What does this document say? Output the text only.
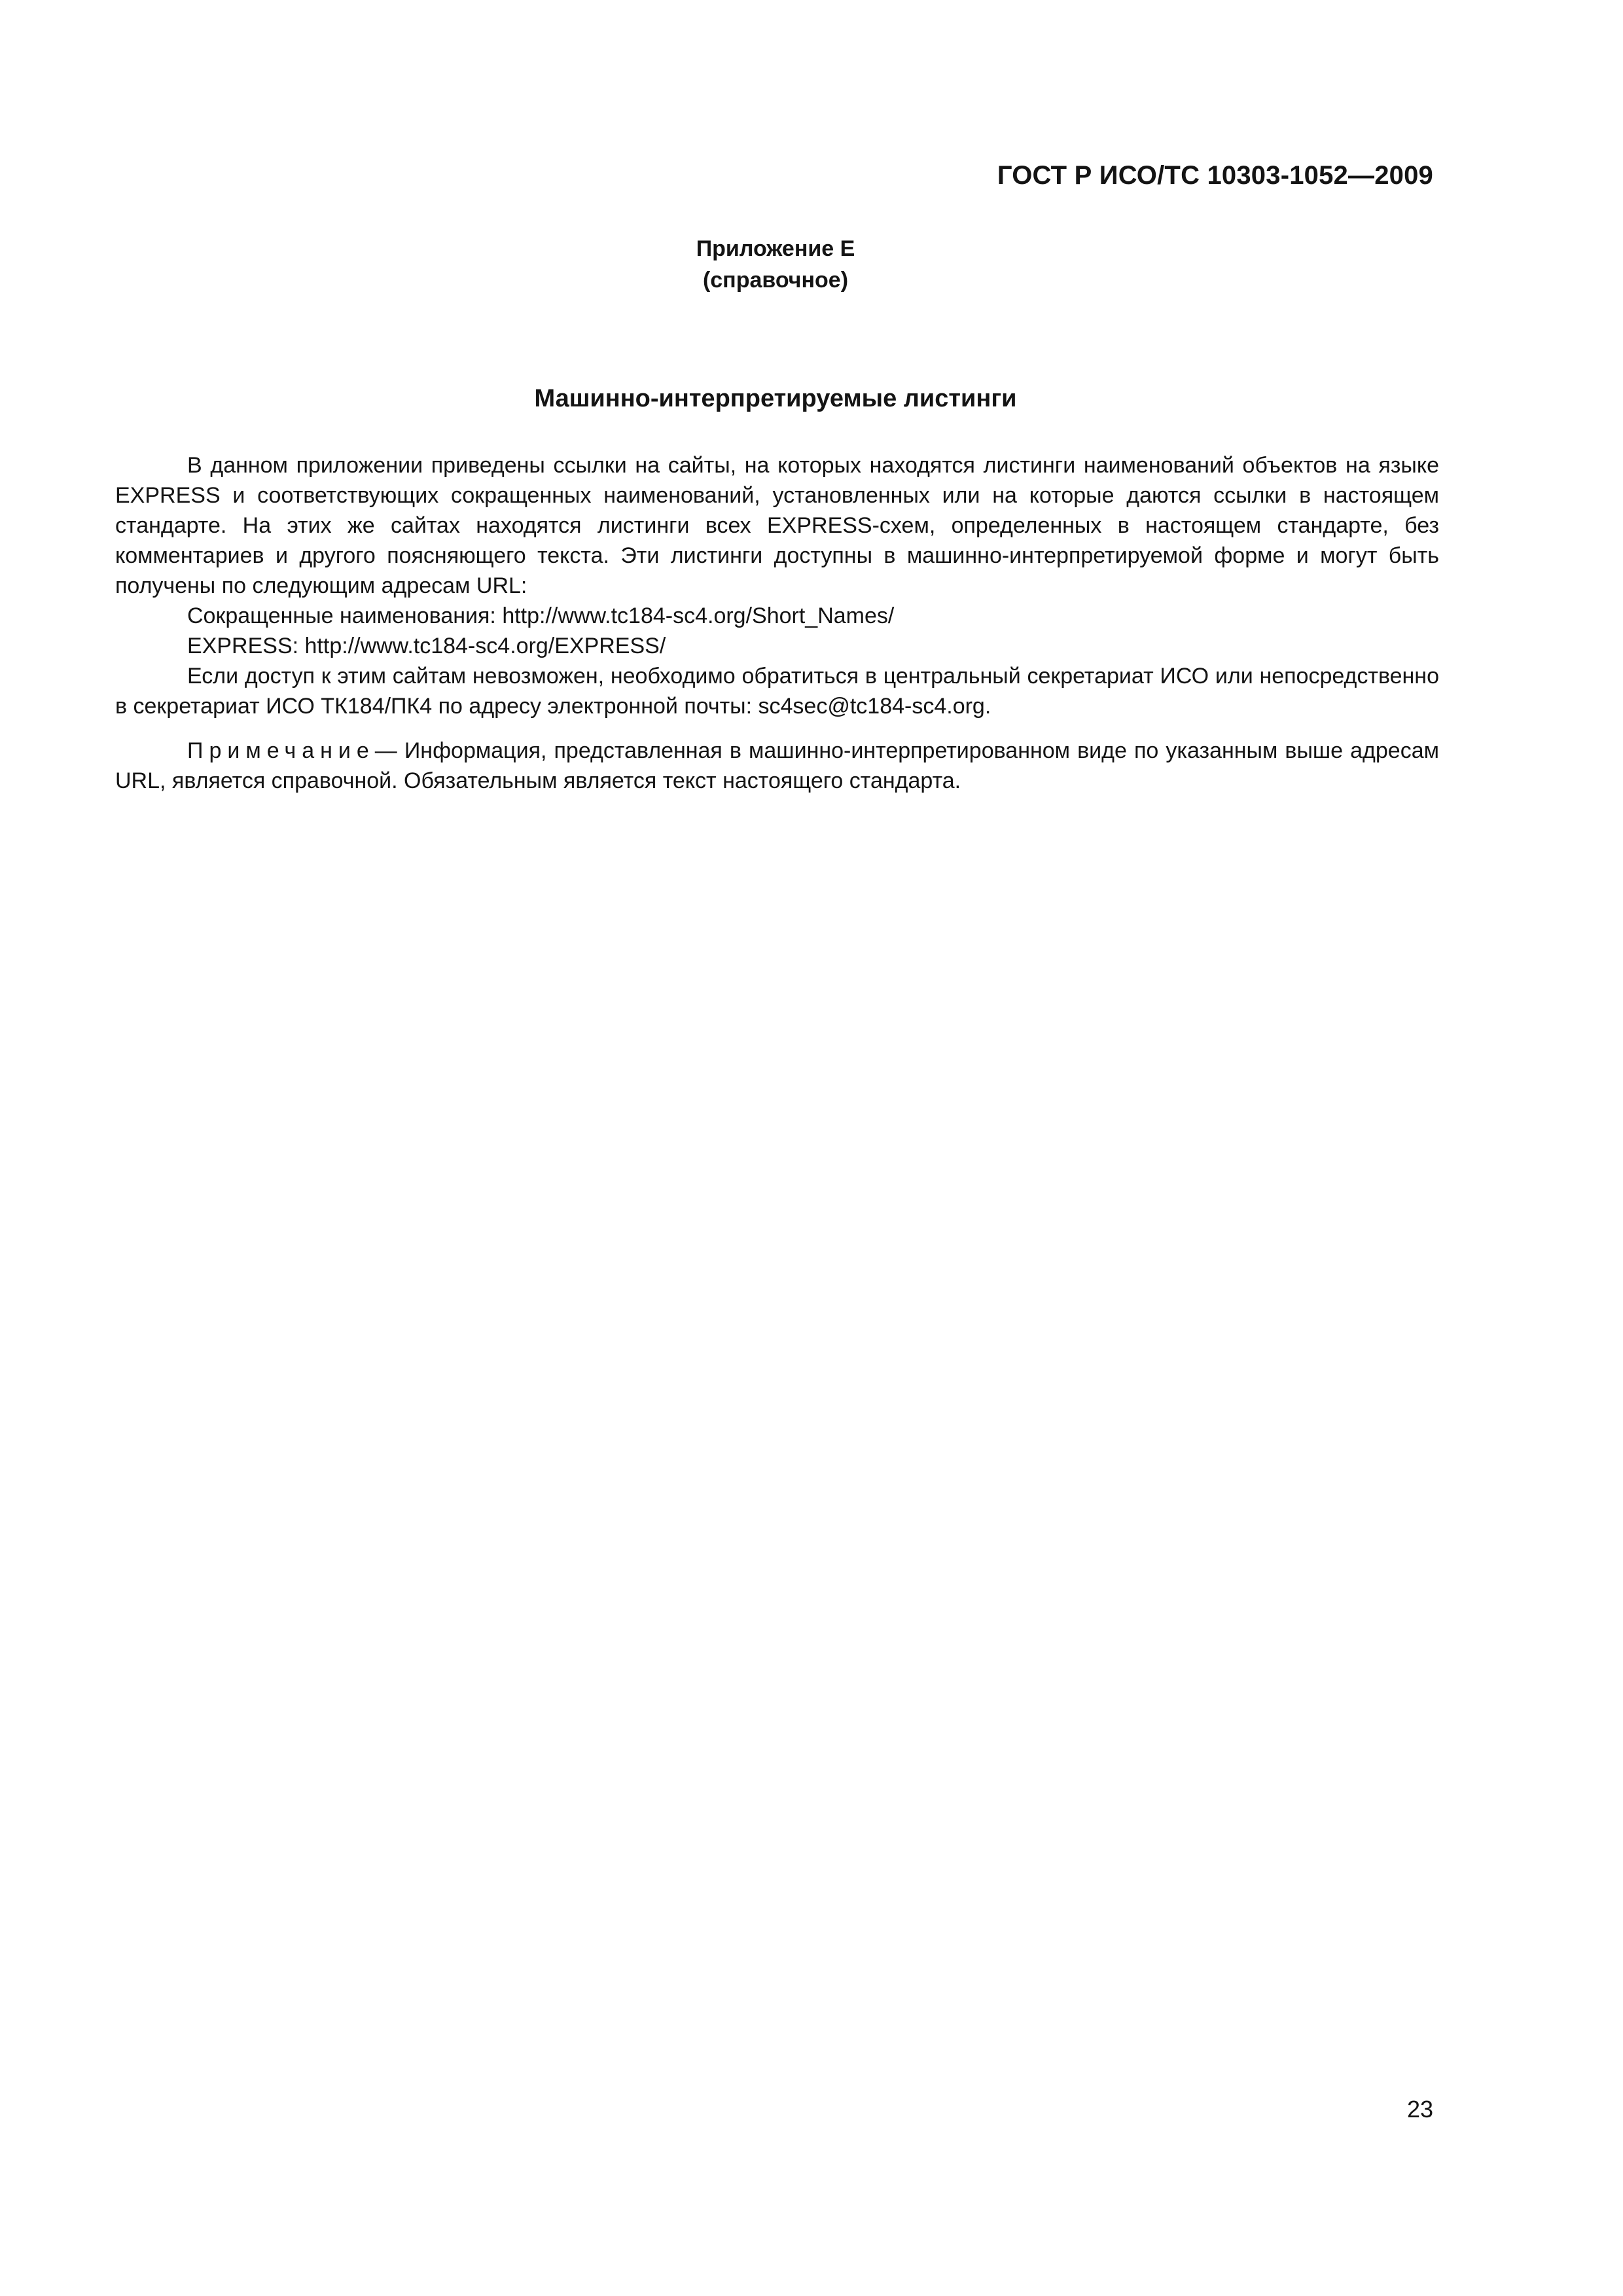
ГОСТ Р ИСО/ТС 10303-1052—2009

Приложение Е

(справочное)

Машинно-интерпретируемые листинги

В данном приложении приведены ссылки на сайты, на которых находятся листинги наименований объектов на языке EXPRESS и соответствующих сокращенных наименований, установленных или на которые даются ссылки в настоящем стандарте. На этих же сайтах находятся листинги всех EXPRESS-схем, определенных в настоящем стандарте, без комментариев и другого поясняющего текста. Эти листинги доступны в машинно-интерпретируемой форме и могут быть получены по следующим адресам URL:

Сокращенные наименования: http://www.tc184-sc4.org/Short_Names/

EXPRESS: http://www.tc184-sc4.org/EXPRESS/

Если доступ к этим сайтам невозможен, необходимо обратиться в центральный секретариат ИСО или непосредственно в секретариат ИСО ТК184/ПК4 по адресу электронной почты: sc4sec@tc184-sc4.org.

Примечание— Информация, представленная в машинно-интерпретированном виде по указанным выше адресам URL, является справочной. Обязательным является текст настоящего стандарта.

23
